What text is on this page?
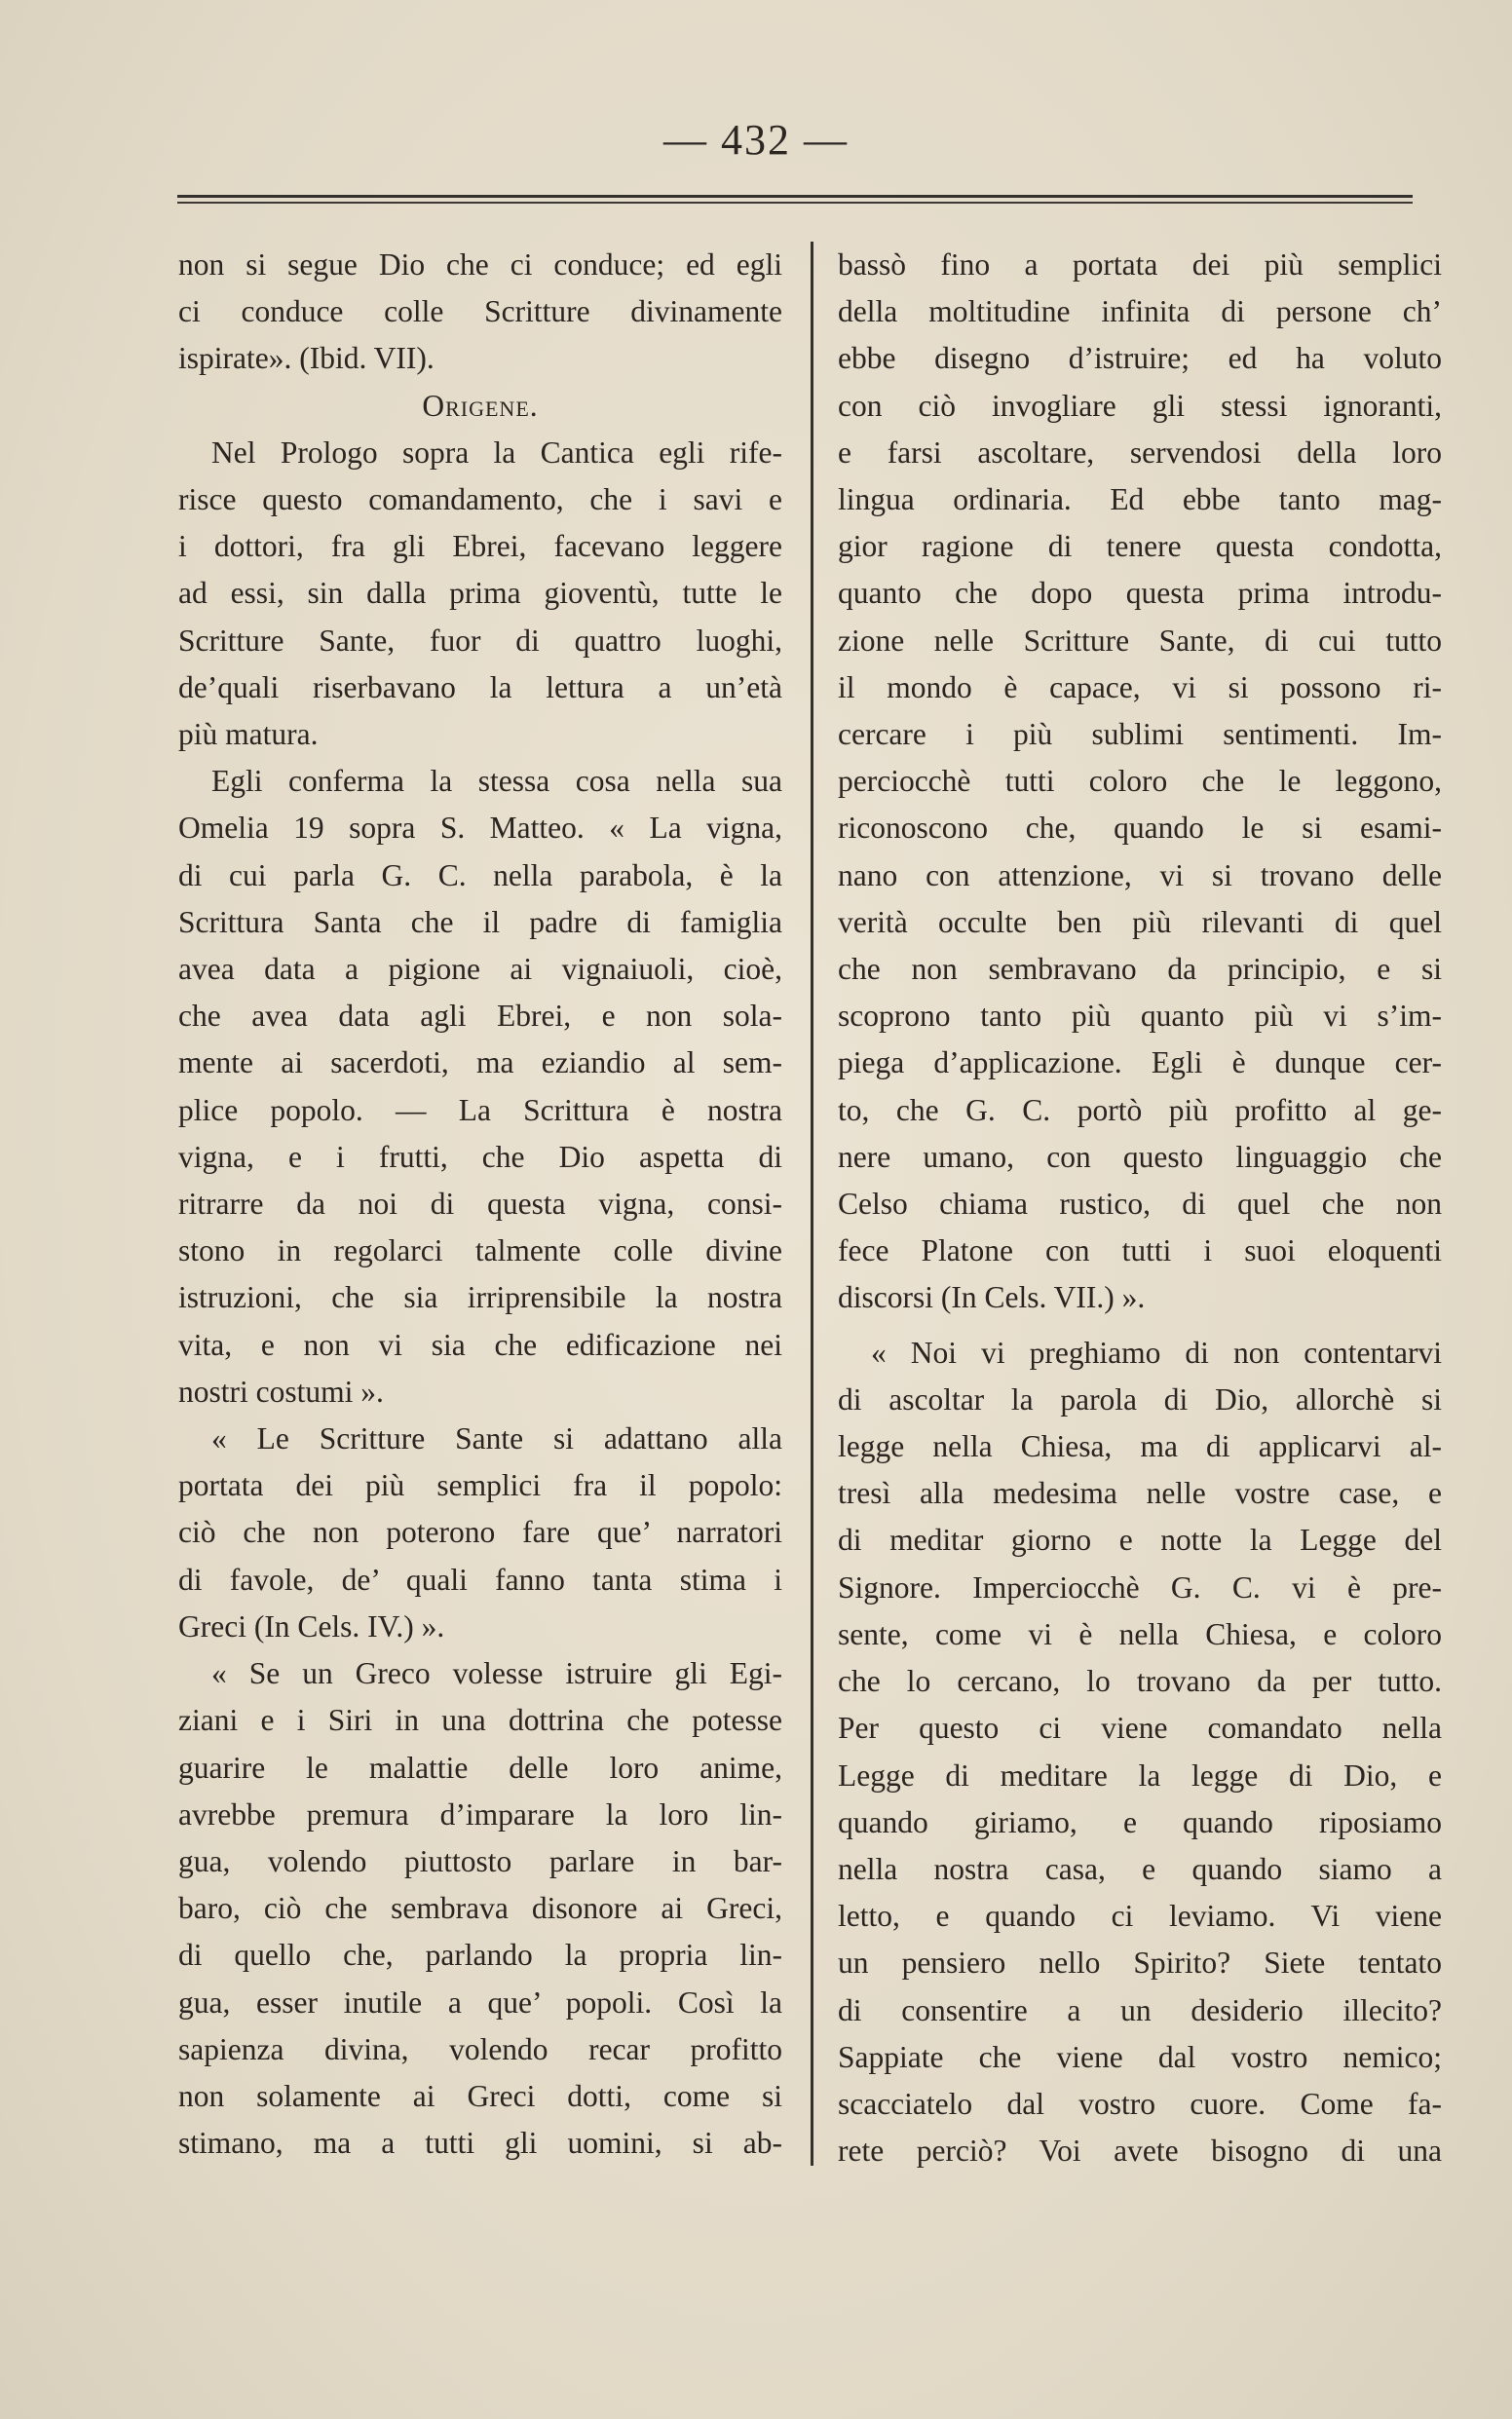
— 432 —
non si segue Dio che ci conduce; ed egli
ci conduce colle Scritture divinamente
ispirate». (Ibid. VII).
Origene.
Nel Prologo sopra la Cantica egli rife-
risce questo comandamento, che i savi e
i dottori, fra gli Ebrei, facevano leggere
ad essi, sin dalla prima gioventù, tutte le
Scritture Sante, fuor di quattro luoghi,
de’quali riserbavano la lettura a un’età
più matura.
Egli conferma la stessa cosa nella sua
Omelia 19 sopra S. Matteo. « La vigna,
di cui parla G. C. nella parabola, è la
Scrittura Santa che il padre di famiglia
avea data a pigione ai vignaiuoli, cioè,
che avea data agli Ebrei, e non sola-
mente ai sacerdoti, ma eziandio al sem-
plice popolo. — La Scrittura è nostra
vigna, e i frutti, che Dio aspetta di
ritrarre da noi di questa vigna, consi-
stono in regolarci talmente colle divine
istruzioni, che sia irriprensibile la nostra
vita, e non vi sia che edificazione nei
nostri costumi ».
« Le Scritture Sante si adattano alla
portata dei più semplici fra il popolo:
ciò che non poterono fare que’ narratori
di favole, de’ quali fanno tanta stima i
Greci (In Cels. IV.) ».
« Se un Greco volesse istruire gli Egi-
ziani e i Siri in una dottrina che potesse
guarire le malattie delle loro anime,
avrebbe premura d’imparare la loro lin-
gua, volendo piuttosto parlare in bar-
baro, ciò che sembrava disonore ai Greci,
di quello che, parlando la propria lin-
gua, esser inutile a que’ popoli. Così la
sapienza divina, volendo recar profitto
non solamente ai Greci dotti, come si
stimano, ma a tutti gli uomini, si ab-
bassò fino a portata dei più semplici
della moltitudine infinita di persone ch’
ebbe disegno d’istruire; ed ha voluto
con ciò invogliare gli stessi ignoranti,
e farsi ascoltare, servendosi della loro
lingua ordinaria. Ed ebbe tanto mag-
gior ragione di tenere questa condotta,
quanto che dopo questa prima introdu-
zione nelle Scritture Sante, di cui tutto
il mondo è capace, vi si possono ri-
cercare i più sublimi sentimenti. Im-
perciocchè tutti coloro che le leggono,
riconoscono che, quando le si esami-
nano con attenzione, vi si trovano delle
verità occulte ben più rilevanti di quel
che non sembravano da principio, e si
scoprono tanto più quanto più vi s’im-
piega d’applicazione. Egli è dunque cer-
to, che G. C. portò più profitto al ge-
nere umano, con questo linguaggio che
Celso chiama rustico, di quel che non
fece Platone con tutti i suoi eloquenti
discorsi (In Cels. VII.) ».
« Noi vi preghiamo di non contentarvi
di ascoltar la parola di Dio, allorchè si
legge nella Chiesa, ma di applicarvi al-
tresì alla medesima nelle vostre case, e
di meditar giorno e notte la Legge del
Signore. Imperciocchè G. C. vi è pre-
sente, come vi è nella Chiesa, e coloro
che lo cercano, lo trovano da per tutto.
Per questo ci viene comandato nella
Legge di meditare la legge di Dio, e
quando giriamo, e quando riposiamo
nella nostra casa, e quando siamo a
letto, e quando ci leviamo. Vi viene
un pensiero nello Spirito? Siete tentato
di consentire a un desiderio illecito?
Sappiate che viene dal vostro nemico;
scacciatelo dal vostro cuore. Come fa-
rete perciò? Voi avete bisogno di una
